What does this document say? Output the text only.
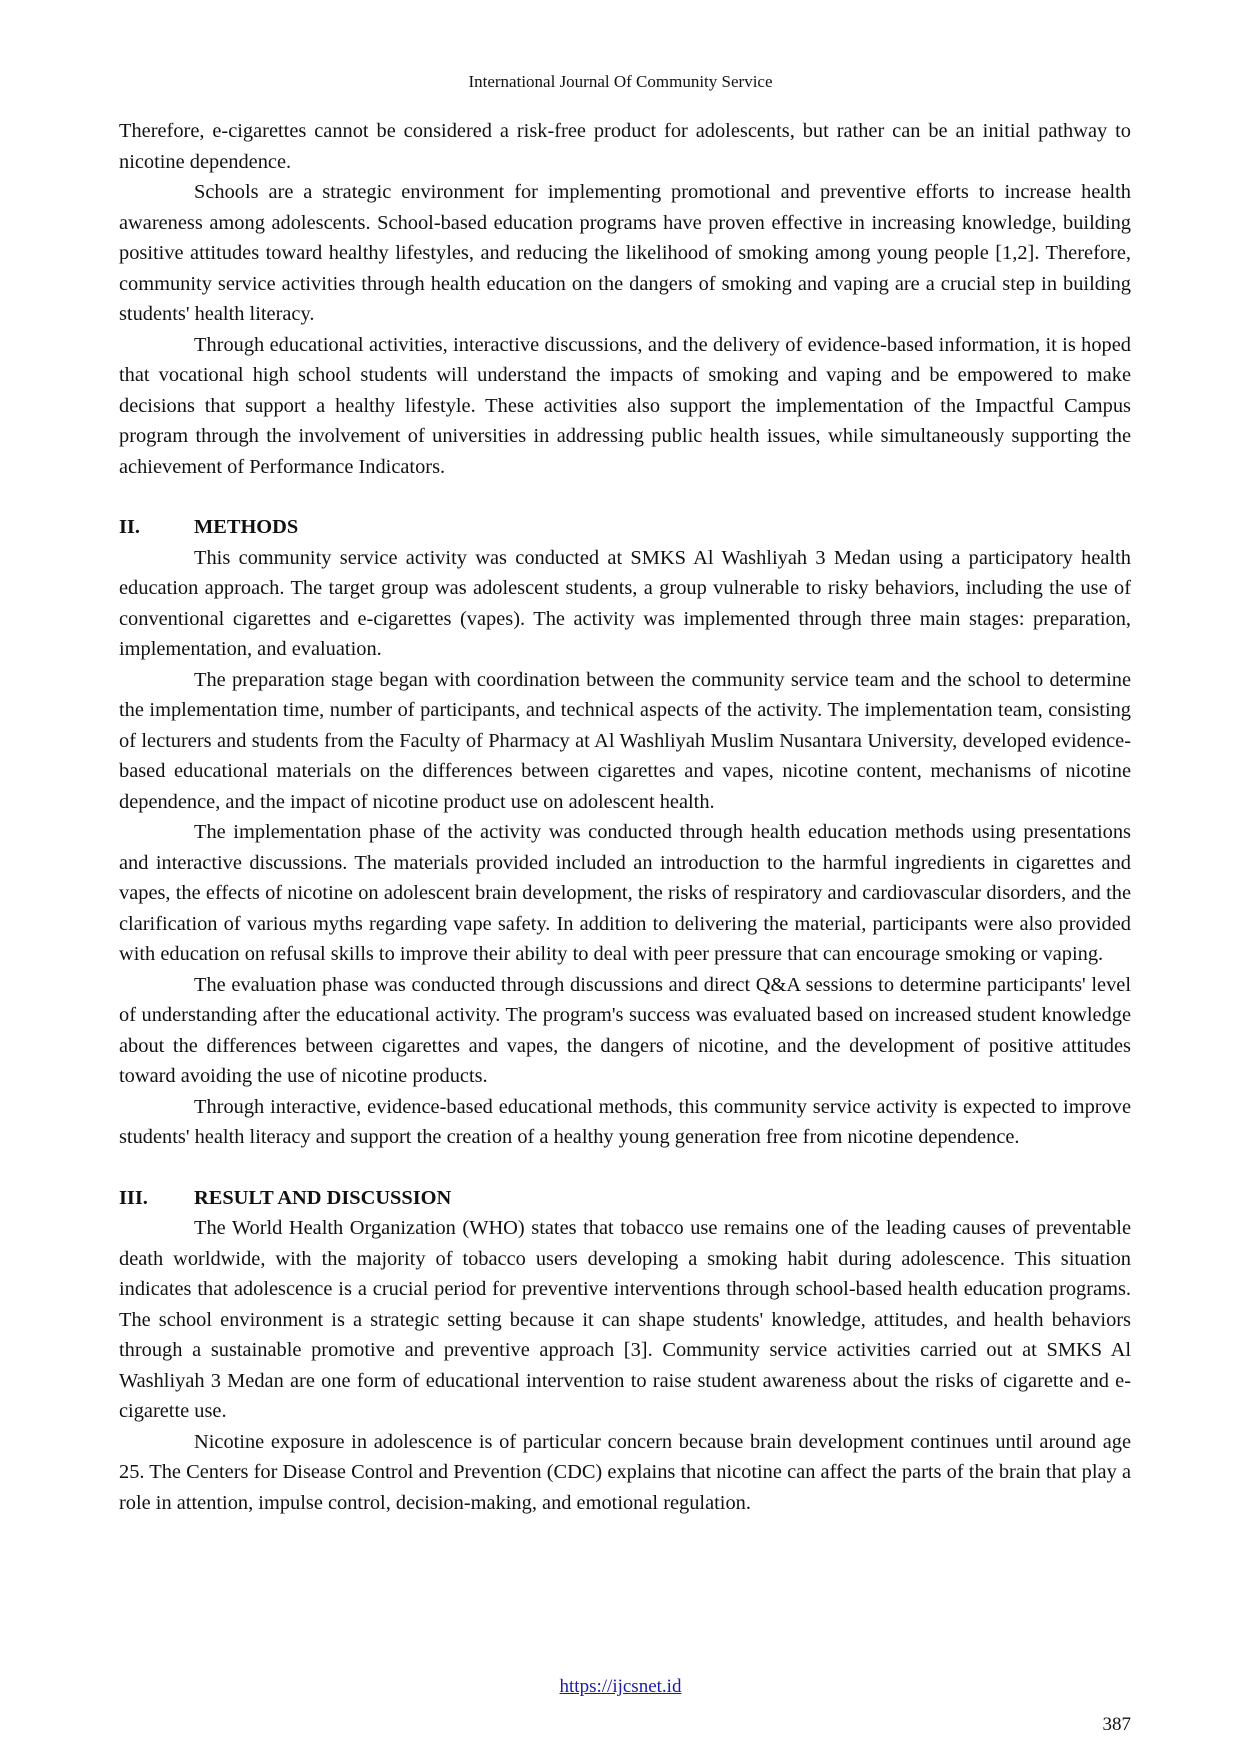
International Journal Of Community Service

Therefore, e-cigarettes cannot be considered a risk-free product for adolescents, but rather can be an initial pathway to nicotine dependence.

Schools are a strategic environment for implementing promotional and preventive efforts to increase health awareness among adolescents. School-based education programs have proven effective in increasing knowledge, building positive attitudes toward healthy lifestyles, and reducing the likelihood of smoking among young people [1,2]. Therefore, community service activities through health education on the dangers of smoking and vaping are a crucial step in building students' health literacy.

Through educational activities, interactive discussions, and the delivery of evidence-based information, it is hoped that vocational high school students will understand the impacts of smoking and vaping and be empowered to make decisions that support a healthy lifestyle. These activities also support the implementation of the Impactful Campus program through the involvement of universities in addressing public health issues, while simultaneously supporting the achievement of Performance Indicators.

II.	METHODS

This community service activity was conducted at SMKS Al Washliyah 3 Medan using a participatory health education approach. The target group was adolescent students, a group vulnerable to risky behaviors, including the use of conventional cigarettes and e-cigarettes (vapes). The activity was implemented through three main stages: preparation, implementation, and evaluation.

The preparation stage began with coordination between the community service team and the school to determine the implementation time, number of participants, and technical aspects of the activity. The implementation team, consisting of lecturers and students from the Faculty of Pharmacy at Al Washliyah Muslim Nusantara University, developed evidence-based educational materials on the differences between cigarettes and vapes, nicotine content, mechanisms of nicotine dependence, and the impact of nicotine product use on adolescent health.

The implementation phase of the activity was conducted through health education methods using presentations and interactive discussions. The materials provided included an introduction to the harmful ingredients in cigarettes and vapes, the effects of nicotine on adolescent brain development, the risks of respiratory and cardiovascular disorders, and the clarification of various myths regarding vape safety. In addition to delivering the material, participants were also provided with education on refusal skills to improve their ability to deal with peer pressure that can encourage smoking or vaping.

The evaluation phase was conducted through discussions and direct Q&A sessions to determine participants' level of understanding after the educational activity. The program's success was evaluated based on increased student knowledge about the differences between cigarettes and vapes, the dangers of nicotine, and the development of positive attitudes toward avoiding the use of nicotine products.

Through interactive, evidence-based educational methods, this community service activity is expected to improve students' health literacy and support the creation of a healthy young generation free from nicotine dependence.

III.	RESULT AND DISCUSSION

The World Health Organization (WHO) states that tobacco use remains one of the leading causes of preventable death worldwide, with the majority of tobacco users developing a smoking habit during adolescence. This situation indicates that adolescence is a crucial period for preventive interventions through school-based health education programs. The school environment is a strategic setting because it can shape students' knowledge, attitudes, and health behaviors through a sustainable promotive and preventive approach [3]. Community service activities carried out at SMKS Al Washliyah 3 Medan are one form of educational intervention to raise student awareness about the risks of cigarette and e-cigarette use.

Nicotine exposure in adolescence is of particular concern because brain development continues until around age 25. The Centers for Disease Control and Prevention (CDC) explains that nicotine can affect the parts of the brain that play a role in attention, impulse control, decision-making, and emotional regulation.

https://ijcsnet.id
387
